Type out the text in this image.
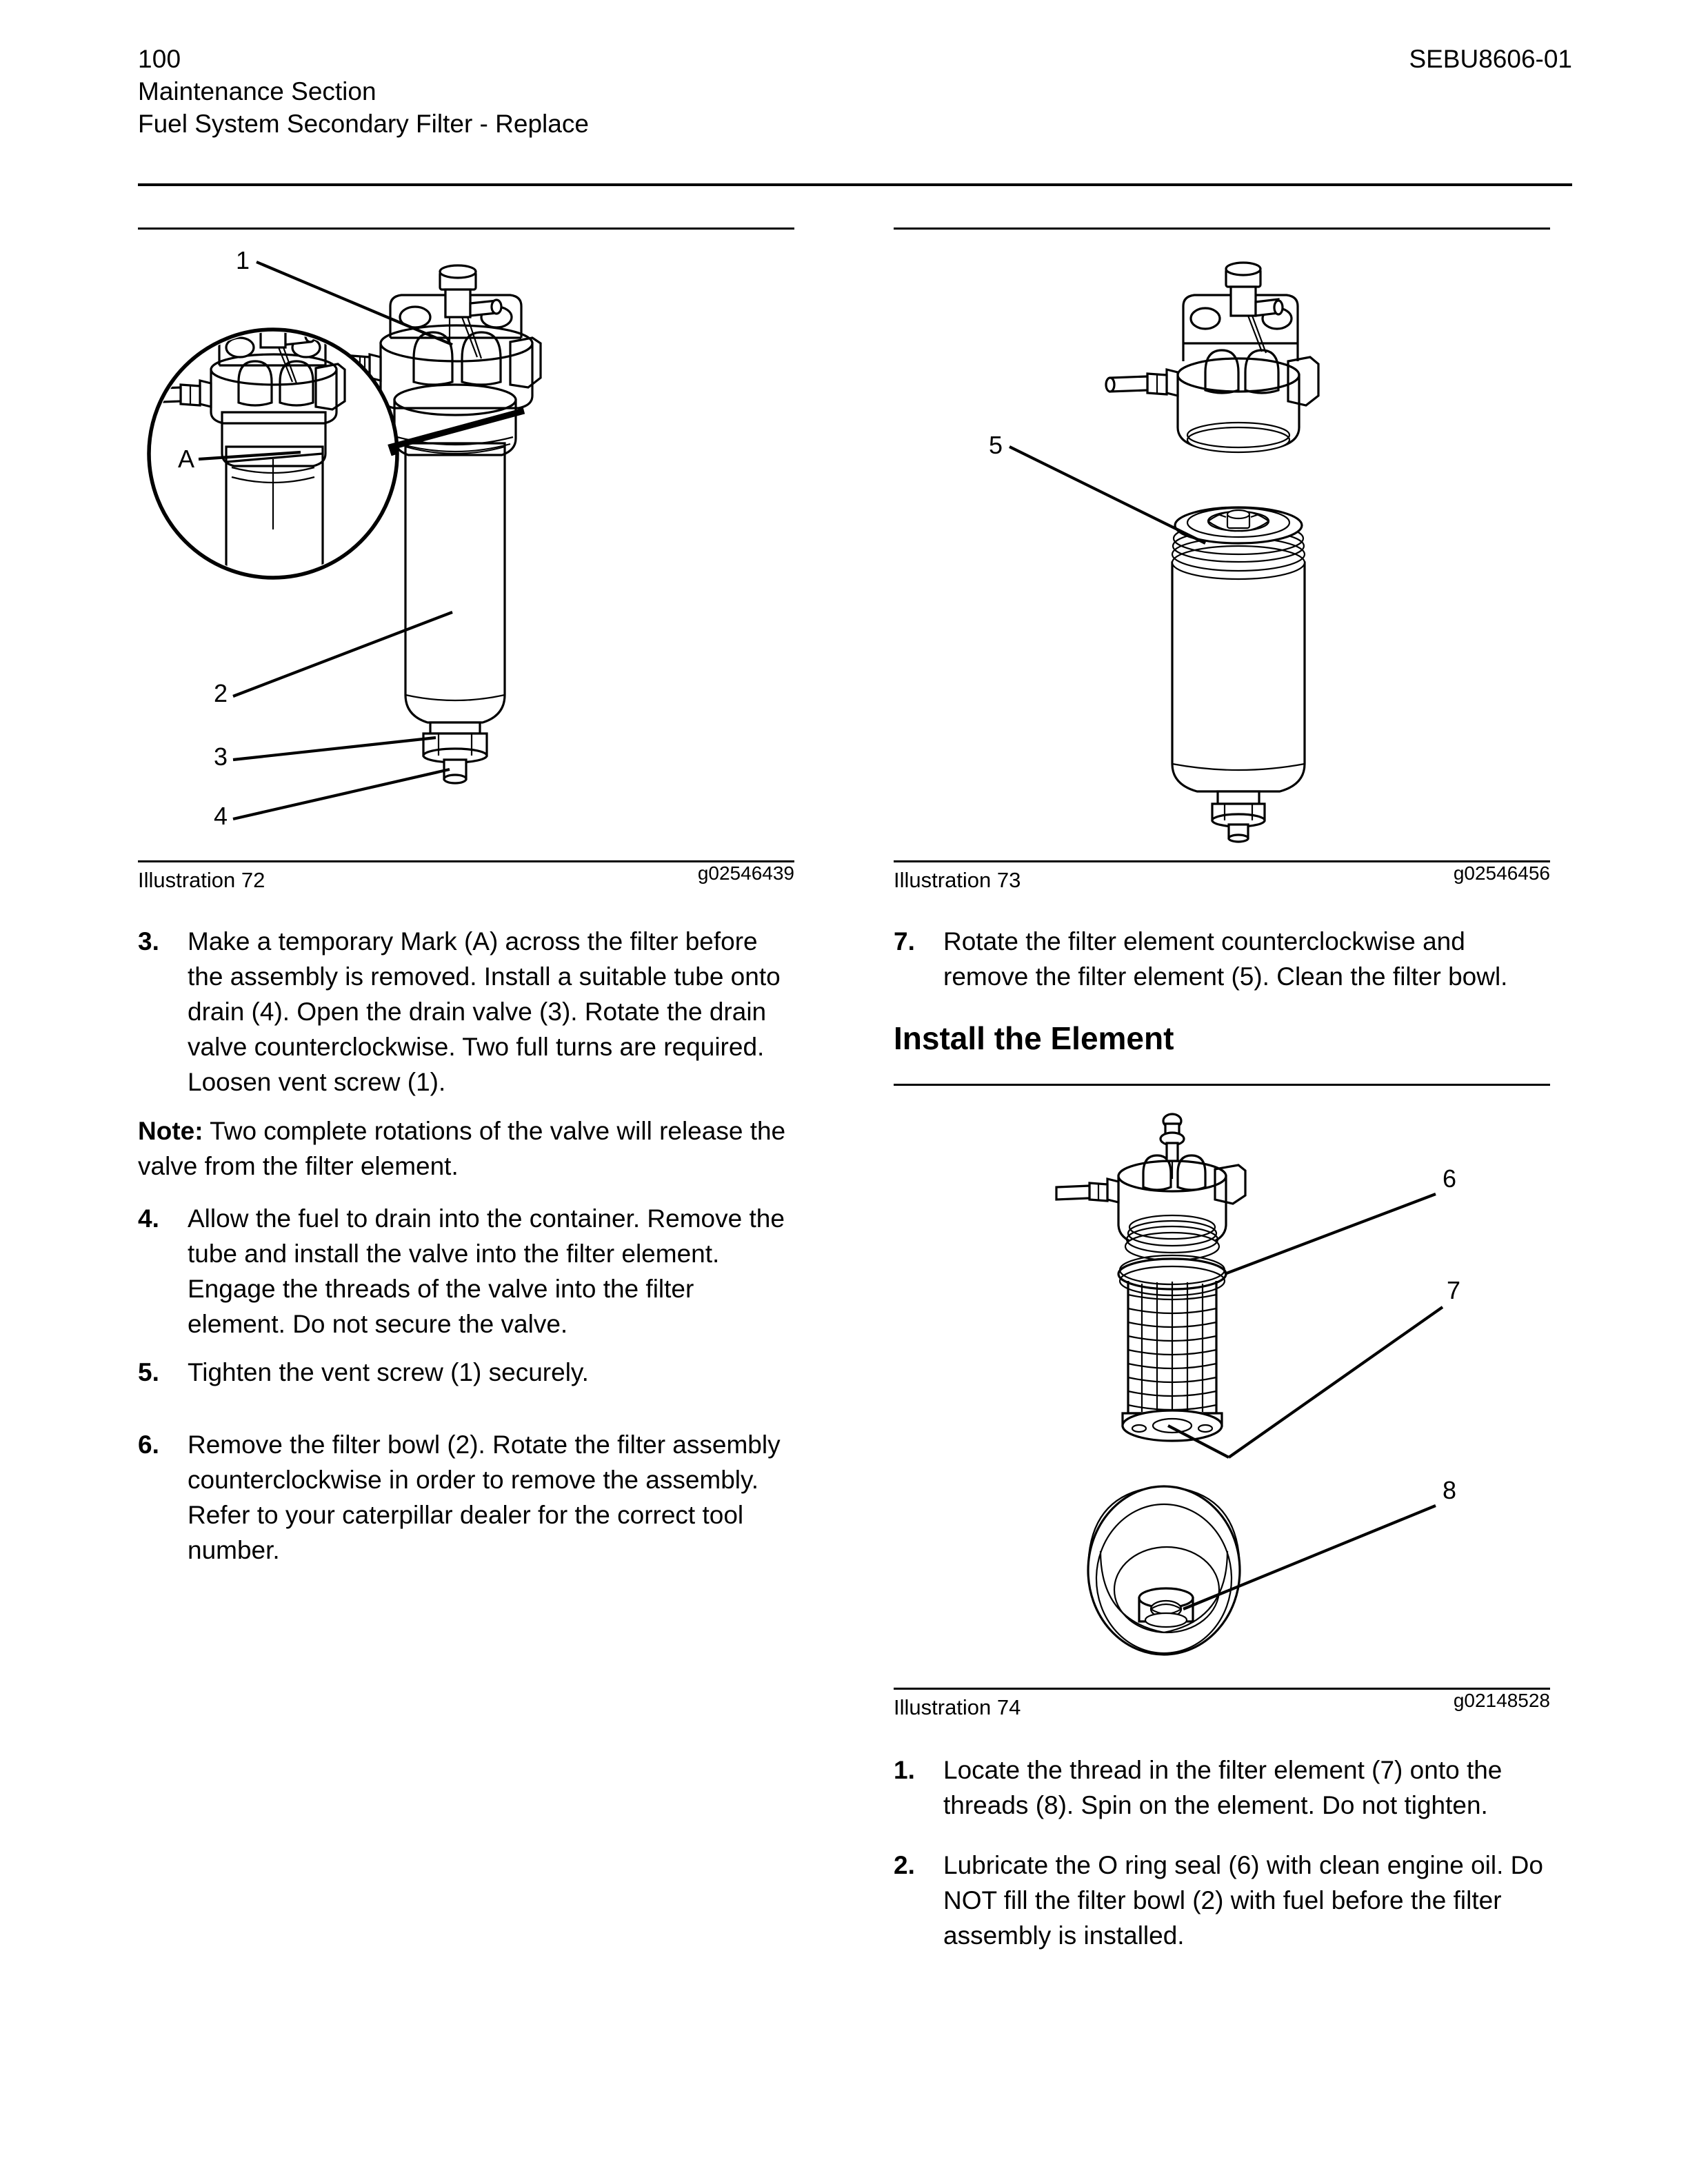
100
Maintenance Section
Fuel System Secondary Filter - Replace
SEBU8606-01
1
A
2
3
4
Illustration 72	g02546439
3. Make a temporary Mark (A) across the filter before the assembly is removed. Install a suitable tube onto drain (4). Open the drain valve (3). Rotate the drain valve counterclockwise. Two full turns are required. Loosen vent screw (1).
Note: Two complete rotations of the valve will release the valve from the filter element.
4. Allow the fuel to drain into the container. Remove the tube and install the valve into the filter element. Engage the threads of the valve into the filter element. Do not secure the valve.
5. Tighten the vent screw (1) securely.
6. Remove the filter bowl (2). Rotate the filter assembly counterclockwise in order to remove the assembly. Refer to your caterpillar dealer for the correct tool number.
5
Illustration 73	g02546456
7. Rotate the filter element counterclockwise and remove the filter element (5). Clean the filter bowl.
Install the Element
6
7
8
Illustration 74	g02148528
1. Locate the thread in the filter element (7) onto the threads (8). Spin on the element. Do not tighten.
2. Lubricate the O ring seal (6) with clean engine oil. Do NOT fill the filter bowl (2) with fuel before the filter assembly is installed.
